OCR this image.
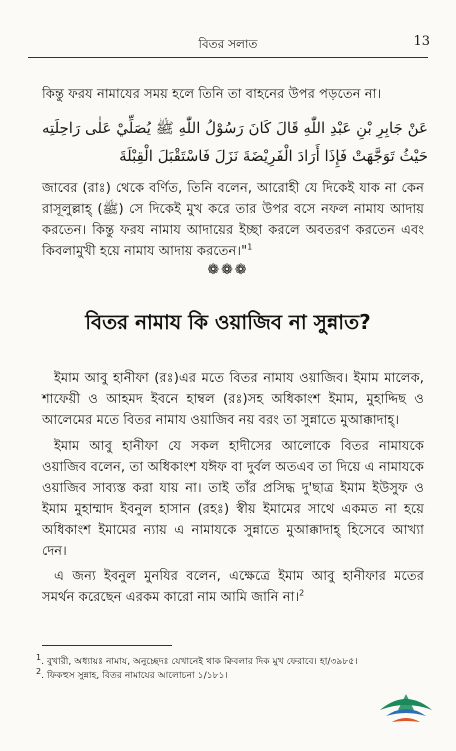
বিতর সলাত	13
কিন্তু ফরয নামাযের সময় হলে তিনি তা বাহনের উপর পড়তেন না।
عَنْ جَابِرِ بْنِ عَبْدِ اللّٰهِ قَالَ كَانَ رَسُوْلُ اللّٰهِ ﷺ يُصَلِّيْ عَلٰى رَاحِلَتِه حَيْثُ تَوَجَّهَتْ فَإِذَا أَرَادَ الْفَرِيْضَةَ نَزَلَ فَاسْتَقْبَلَ الْقِبْلَةَ
জাবের (রাঃ) থেকে বর্ণিত, তিনি বলেন, আরোহী যে দিকেই যাক না কেন রাসূলুল্লাহ্ (ﷺ) সে দিকেই মুখ করে তার উপর বসে নফল নামায আদায় করতেন। কিন্তু ফরয নামায আদায়ের ইচ্ছা করলে অবতরণ করতেন এবং কিবলামুখী হয়ে নামায আদায় করতেন।"$^1$
❁❁❁
বিতর নামায কি ওয়াজিব না সুন্নাত?
ইমাম আবু হানীফা (রঃ)এর মতে বিতর নামায ওয়াজিব। ইমাম মালেক, শাফেয়ী ও আহমদ ইবনে হাম্বল (রঃ)সহ অধিকাংশ ইমাম, মুহাদ্দিছ ও আলেমের মতে বিতর নামায ওয়াজিব নয় বরং তা সুন্নাতে মুআক্কাদাহ্।
ইমাম আবু হানীফা যে সকল হাদীসের আলোকে বিতর নামাযকে ওয়াজিব বলেন, তা অধিকাংশ যঈফ বা দুর্বল অতএব তা দিয়ে এ নামাযকে ওয়াজিব সাব্যস্ত করা যায় না। তাই তাঁর প্রসিদ্ধ দু'ছাত্র ইমাম ইউসুফ ও ইমাম মুহাম্মাদ ইবনুল হাসান (রহঃ) স্বীয় ইমামের সাথে একমত না হয়ে অধিকাংশ ইমামের ন্যায় এ নামাযকে সুন্নাতে মুআক্কাদাহ্ হিসেবে আখ্যা দেন।
এ জন্য ইবনুল মুনযির বলেন, এক্ষেত্রে ইমাম আবু হানীফার মতের সমর্থন করেছেন এরকম কারো নাম আমি জানি না।$^2$
$^1$. বুখারী, অধ্যায়ঃ নামায, অনুচ্ছেদঃ যেখানেই থাক ক্বিবলার দিক মুখ ফেরাবে। হা/৩৯৮৫।
$^2$. ফিকহুস সুন্নাহ, বিতর নামাযের আলোচনা ১/১৮১।
